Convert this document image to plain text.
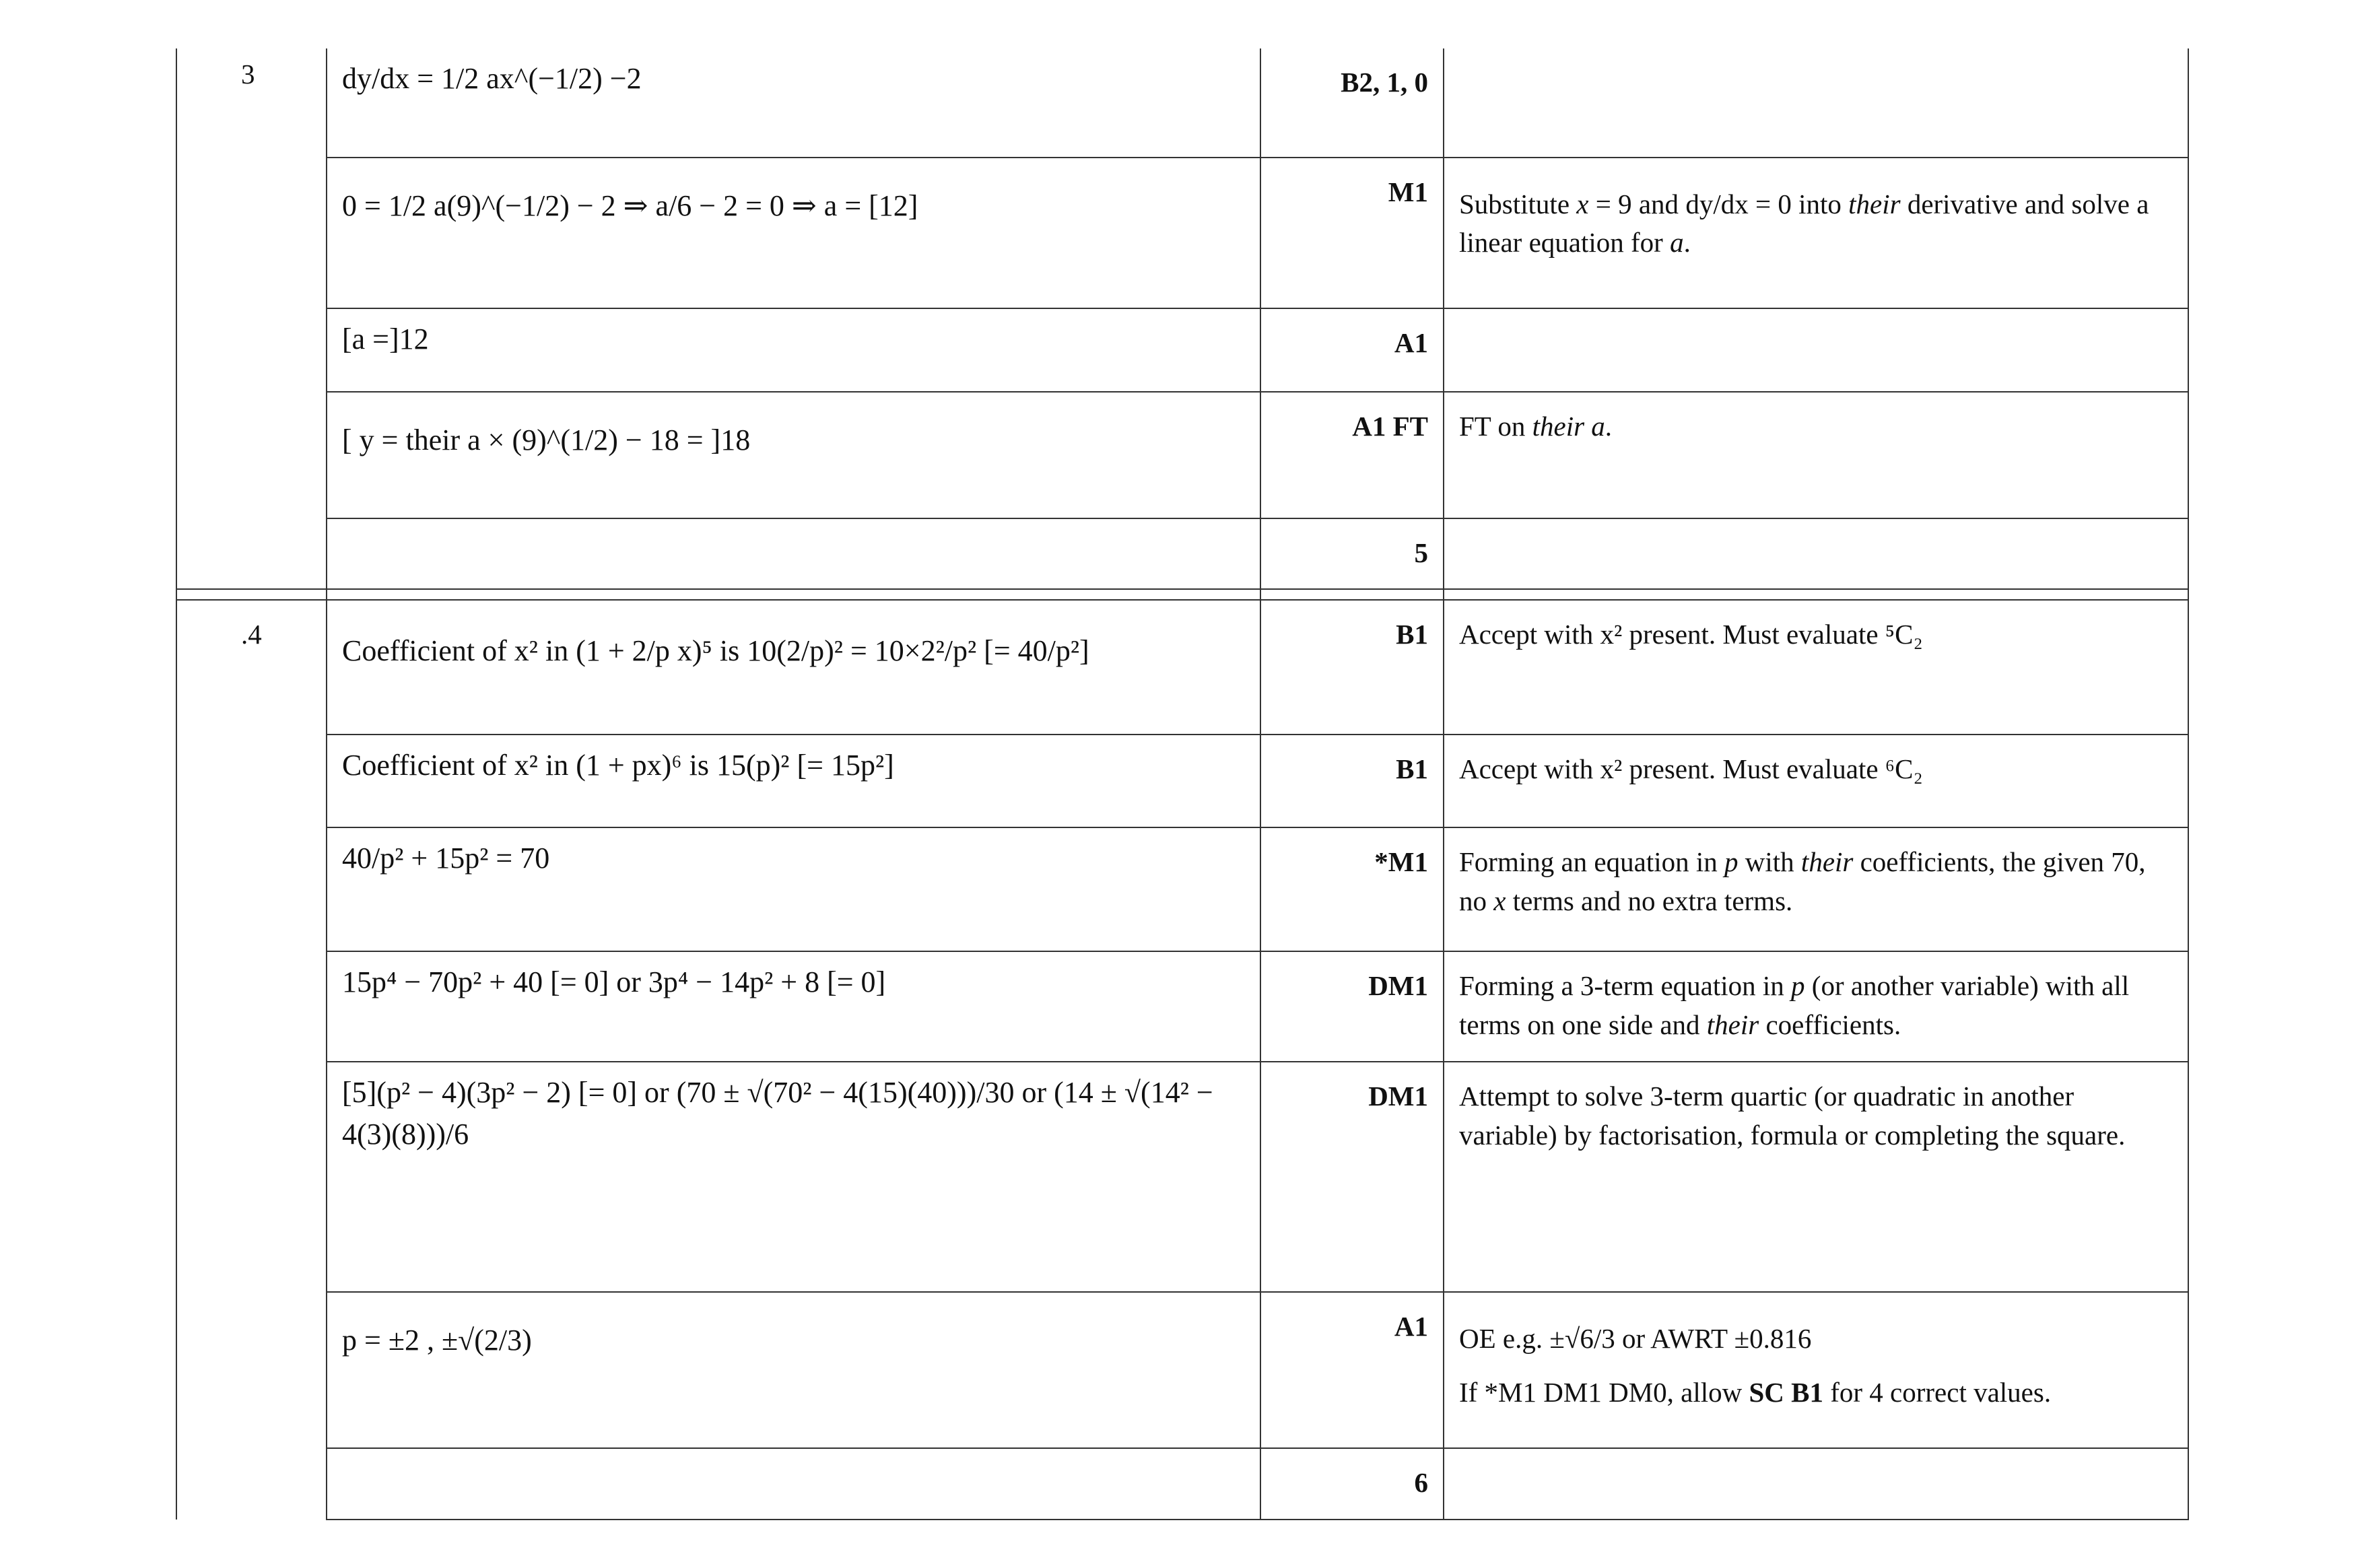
3	dy/dx = 1/2 ax^(−1/2) −2	B2, 1, 0	
	0 = 1/2 a(9)^(−1/2) − 2 ⇒ a/6 − 2 = 0 ⇒ a = [12]	M1	Substitute x = 9 and dy/dx = 0 into their derivative and solve a linear equation for a.
	[a =]12	A1	
	[ y = their a × (9)^(1/2) − 18 = ]18	A1 FT	FT on their a.
		5	

.4	Coefficient of x² in (1 + 2/p x)⁵ is 10(2/p)² = 10×2²/p² [= 40/p²]	B1	Accept with x² present. Must evaluate ⁵C₂
	Coefficient of x² in (1 + px)⁶ is 15(p)² [= 15p²]	B1	Accept with x² present. Must evaluate ⁶C₂
	40/p² + 15p² = 70	*M1	Forming an equation in p with their coefficients, the given 70, no x terms and no extra terms.
	15p⁴ − 70p² + 40 [= 0] or 3p⁴ − 14p² + 8 [= 0]	DM1	Forming a 3-term equation in p (or another variable) with all terms on one side and their coefficients.
	[5](p² − 4)(3p² − 2) [= 0] or (70 ± √(70² − 4(15)(40)))/30 or (14 ± √(14² − 4(3)(8)))/6	DM1	Attempt to solve 3-term quartic (or quadratic in another variable) by factorisation, formula or completing the square.
	p = ±2 , ±√(2/3)	A1	OE e.g. ±√6/3 or AWRT ±0.816
If *M1 DM1 DM0, allow SC B1 for 4 correct values.

		6	
